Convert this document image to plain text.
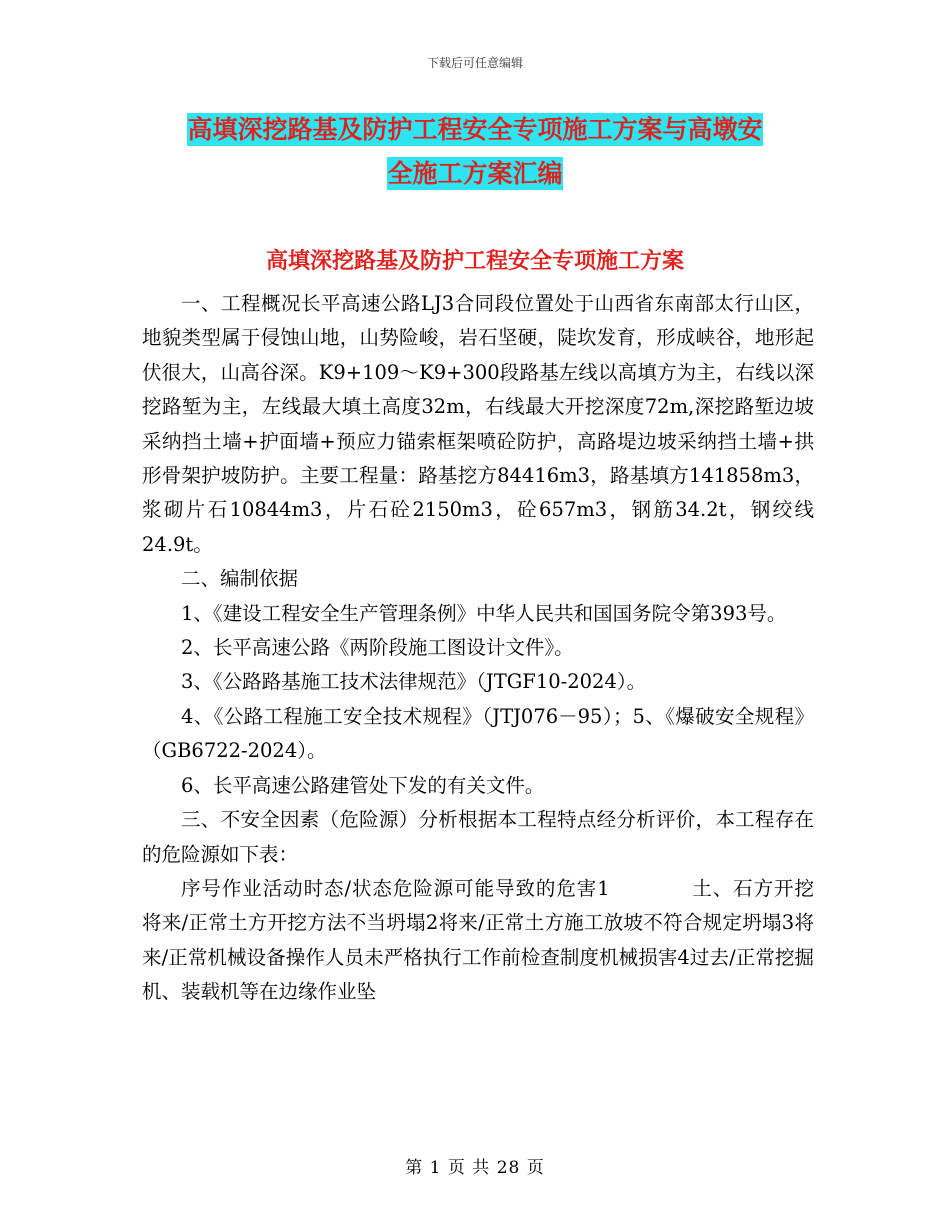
下载后可任意编辑
高填深挖路基及防护工程安全专项施工方案与高墩安
全施工方案汇编
高填深挖路基及防护工程安全专项施工方案

一、工程概况长平高速公路LJ3合同段位置处于山西省东南部太行山区，地貌类型属于侵蚀山地，山势险峻，岩石坚硬，陡坎发育，形成峡谷，地形起伏很大，山高谷深。K9+109～K9+300段路基左线以高填方为主，右线以深挖路堑为主，左线最大填土高度32m，右线最大开挖深度72m,深挖路堑边坡采纳挡土墙+护面墙+预应力锚索框架喷砼防护，高路堤边坡采纳挡土墙+拱形骨架护坡防护。主要工程量：路基挖方84416m3，路基填方141858m3，浆砌片石10844m3，片石砼2150m3，砼657m3，钢筋34.2t，钢绞线24.9t。

二、编制依据

1、《建设工程安全生产管理条例》中华人民共和国国务院令第393号。

2、长平高速公路《两阶段施工图设计文件》。

3、《公路路基施工技术法律规范》（JTGF10-2024）。

4、《公路工程施工安全技术规程》（JTJ076－95）；5、《爆破安全规程》（GB6722-2024）。

6、长平高速公路建管处下发的有关文件。

三、不安全因素（危险源）分析根据本工程特点经分析评价，本工程存在的危险源如下表：

序号作业活动时态/状态危险源可能导致的危害1　　　　土、石方开挖　　　　　　将来/正常土方开挖方法不当坍塌2将来/正常土方施工放坡不符合规定坍塌3将来/正常机械设备操作人员未严格执行工作前检查制度机械损害4过去/正常挖掘机、装载机等在边缘作业坠

第 1 页 共 28 页
